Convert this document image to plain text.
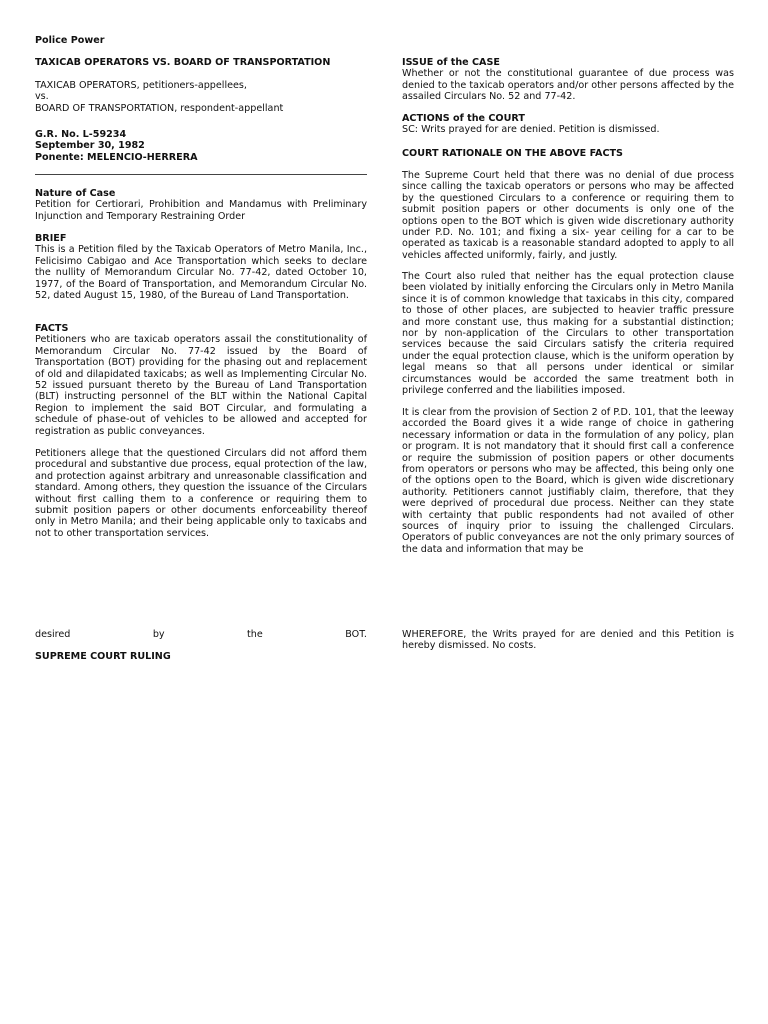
Police Power

TAXICAB OPERATORS VS. BOARD OF TRANSPORTATION

TAXICAB OPERATORS, petitioners-appellees,

vs.

BOARD OF TRANSPORTATION, respondent-appellant

G.R. No. L-59234

September 30, 1982

Ponente: MELENCIO-HERRERA

Nature of Case

Petition for Certiorari, Prohibition and Mandamus with Preliminary Injunction and Temporary Restraining Order

BRIEF

This is a Petition filed by the Taxicab Operators of Metro Manila, Inc., Felicisimo Cabigao and Ace Transportation which seeks to declare the nullity of Memorandum Circular No. 77-42, dated October 10, 1977, of the Board of Transportation, and Memorandum Circular No. 52, dated August 15, 1980, of the Bureau of Land Transportation.

FACTS

Petitioners who are taxicab operators assail the constitutionality of Memorandum Circular No. 77-42 issued by the Board of Transportation (BOT) providing for the phasing out and replacement of old and dilapidated taxicabs; as well as Implementing Circular No. 52 issued pursuant thereto by the Bureau of Land Transportation (BLT) instructing personnel of the BLT within the National Capital Region to implement the said BOT Circular, and formulating a schedule of phase-out of vehicles to be allowed and accepted for registration as public conveyances.

Petitioners allege that the questioned Circulars did not afford them procedural and substantive due process, equal protection of the law, and protection against arbitrary and unreasonable classification and standard. Among others, they question the issuance of the Circulars without first calling them to a conference or requiring them to submit position papers or other documents enforceability thereof only in Metro Manila; and their being applicable only to taxicabs and not to other transportation services.

desired	by	the	BOT.

SUPREME COURT RULING

ISSUE of the CASE

Whether or not the constitutional guarantee of due process was denied to the taxicab operators and/or other persons affected by the assailed Circulars No. 52 and 77-42.

ACTIONS of the COURT

SC: Writs prayed for are denied. Petition is dismissed.

COURT RATIONALE ON THE ABOVE FACTS

The Supreme Court held that there was no denial of due process since calling the taxicab operators or persons who may be affected by the questioned Circulars to a conference or requiring them to submit position papers or other documents is only one of the options open to the BOT which is given wide discretionary authority under P.D. No. 101; and fixing a six- year ceiling for a car to be operated as taxicab is a reasonable standard adopted to apply to all vehicles affected uniformly, fairly, and justly.

The Court also ruled that neither has the equal protection clause been violated by initially enforcing the Circulars only in Metro Manila since it is of common knowledge that taxicabs in this city, compared to those of other places, are subjected to heavier traffic pressure and more constant use, thus making for a substantial distinction; nor by non-application of the Circulars to other transportation services because the said Circulars satisfy the criteria required under the equal protection clause, which is the uniform operation by legal means so that all persons under identical or similar circumstances would be accorded the same treatment both in privilege conferred and the liabilities imposed.

It is clear from the provision of Section 2 of P.D. 101, that the leeway accorded the Board gives it a wide range of choice in gathering necessary information or data in the formulation of any policy, plan or program. It is not mandatory that it should first call a conference or require the submission of position papers or other documents from operators or persons who may be affected, this being only one of the options open to the Board, which is given wide discretionary authority. Petitioners cannot justifiably claim, therefore, that they were deprived of procedural due process. Neither can they state with certainty that public respondents had not availed of other sources of inquiry prior to issuing the challenged Circulars. Operators of public conveyances are not the only primary sources of the data and information that may be

WHEREFORE, the Writs prayed for are denied and this Petition is hereby dismissed. No costs.
